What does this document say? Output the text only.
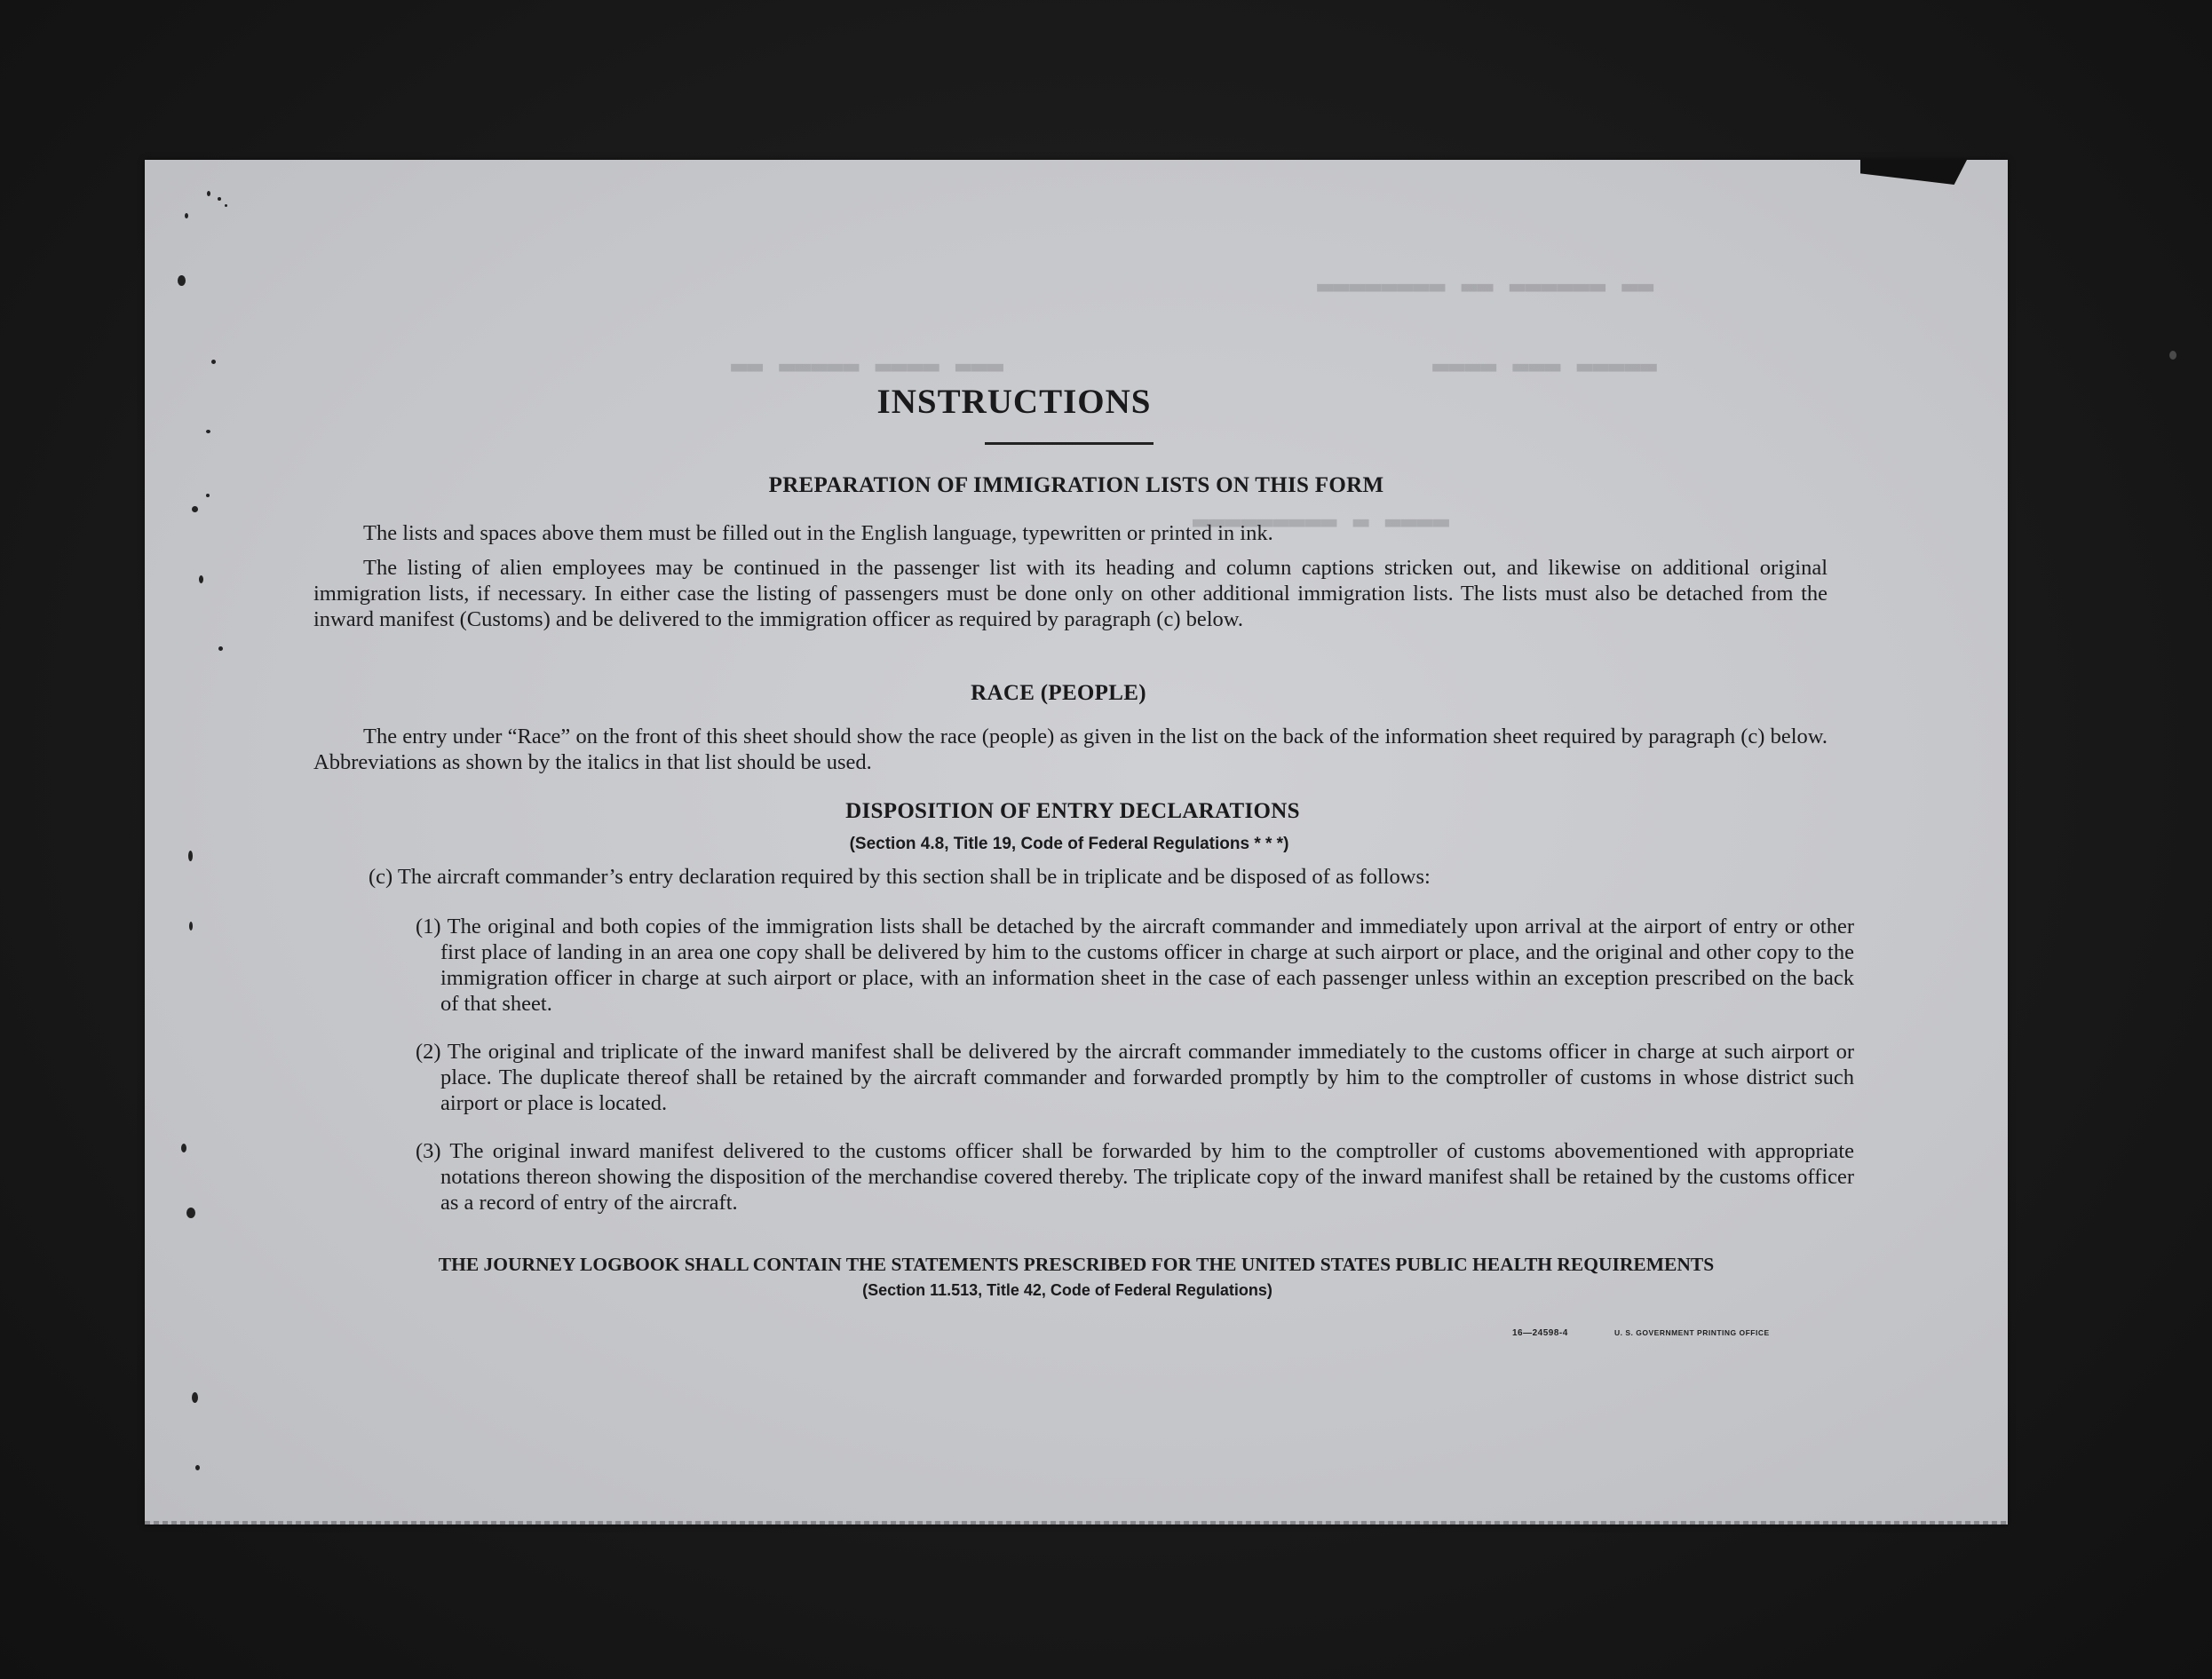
▬▬ ▬▬▬▬▬▬ ▬▬ ▬▬▬▬▬▬▬▬
▬▬▬ ▬▬▬▬ ▬▬▬▬▬ ▬▬	▬▬▬▬▬ ▬▬▬ ▬▬▬▬
▬▬▬▬ ▬ ▬▬▬▬▬▬▬▬▬
INSTRUCTIONS
PREPARATION OF IMMIGRATION LISTS ON THIS FORM
The lists and spaces above them must be filled out in the English language, typewritten or printed in ink.
The listing of alien employees may be continued in the passenger list with its heading and column captions stricken out, and likewise on additional original immigration lists, if necessary. In either case the listing of passengers must be done only on other additional immigration lists. The lists must also be detached from the inward manifest (Customs) and be delivered to the immigration officer as required by paragraph (c) below.
RACE (PEOPLE)
The entry under “Race” on the front of this sheet should show the race (people) as given in the list on the back of the information sheet required by paragraph (c) below. Abbreviations as shown by the italics in that list should be used.
DISPOSITION OF ENTRY DECLARATIONS
(Section 4.8, Title 19, Code of Federal Regulations * * *)
(c) The aircraft commander’s entry declaration required by this section shall be in triplicate and be disposed of as follows:
(1) The original and both copies of the immigration lists shall be detached by the aircraft commander and immediately upon arrival at the airport of entry or other first place of landing in an area one copy shall be delivered by him to the customs officer in charge at such airport or place, and the original and other copy to the immigration officer in charge at such airport or place, with an information sheet in the case of each passenger unless within an exception prescribed on the back of that sheet.
(2) The original and triplicate of the inward manifest shall be delivered by the aircraft commander immediately to the customs officer in charge at such airport or place. The duplicate thereof shall be retained by the aircraft commander and forwarded promptly by him to the comptroller of customs in whose district such airport or place is located.
(3) The original inward manifest delivered to the customs officer shall be forwarded by him to the comptroller of customs abovementioned with appropriate notations thereon showing the disposition of the merchandise covered thereby. The triplicate copy of the inward manifest shall be retained by the customs officer as a record of entry of the aircraft.
THE JOURNEY LOGBOOK SHALL CONTAIN THE STATEMENTS PRESCRIBED FOR THE UNITED STATES PUBLIC HEALTH REQUIREMENTS
(Section 11.513, Title 42, Code of Federal Regulations)
16—24598-4	U. S. GOVERNMENT PRINTING OFFICE
